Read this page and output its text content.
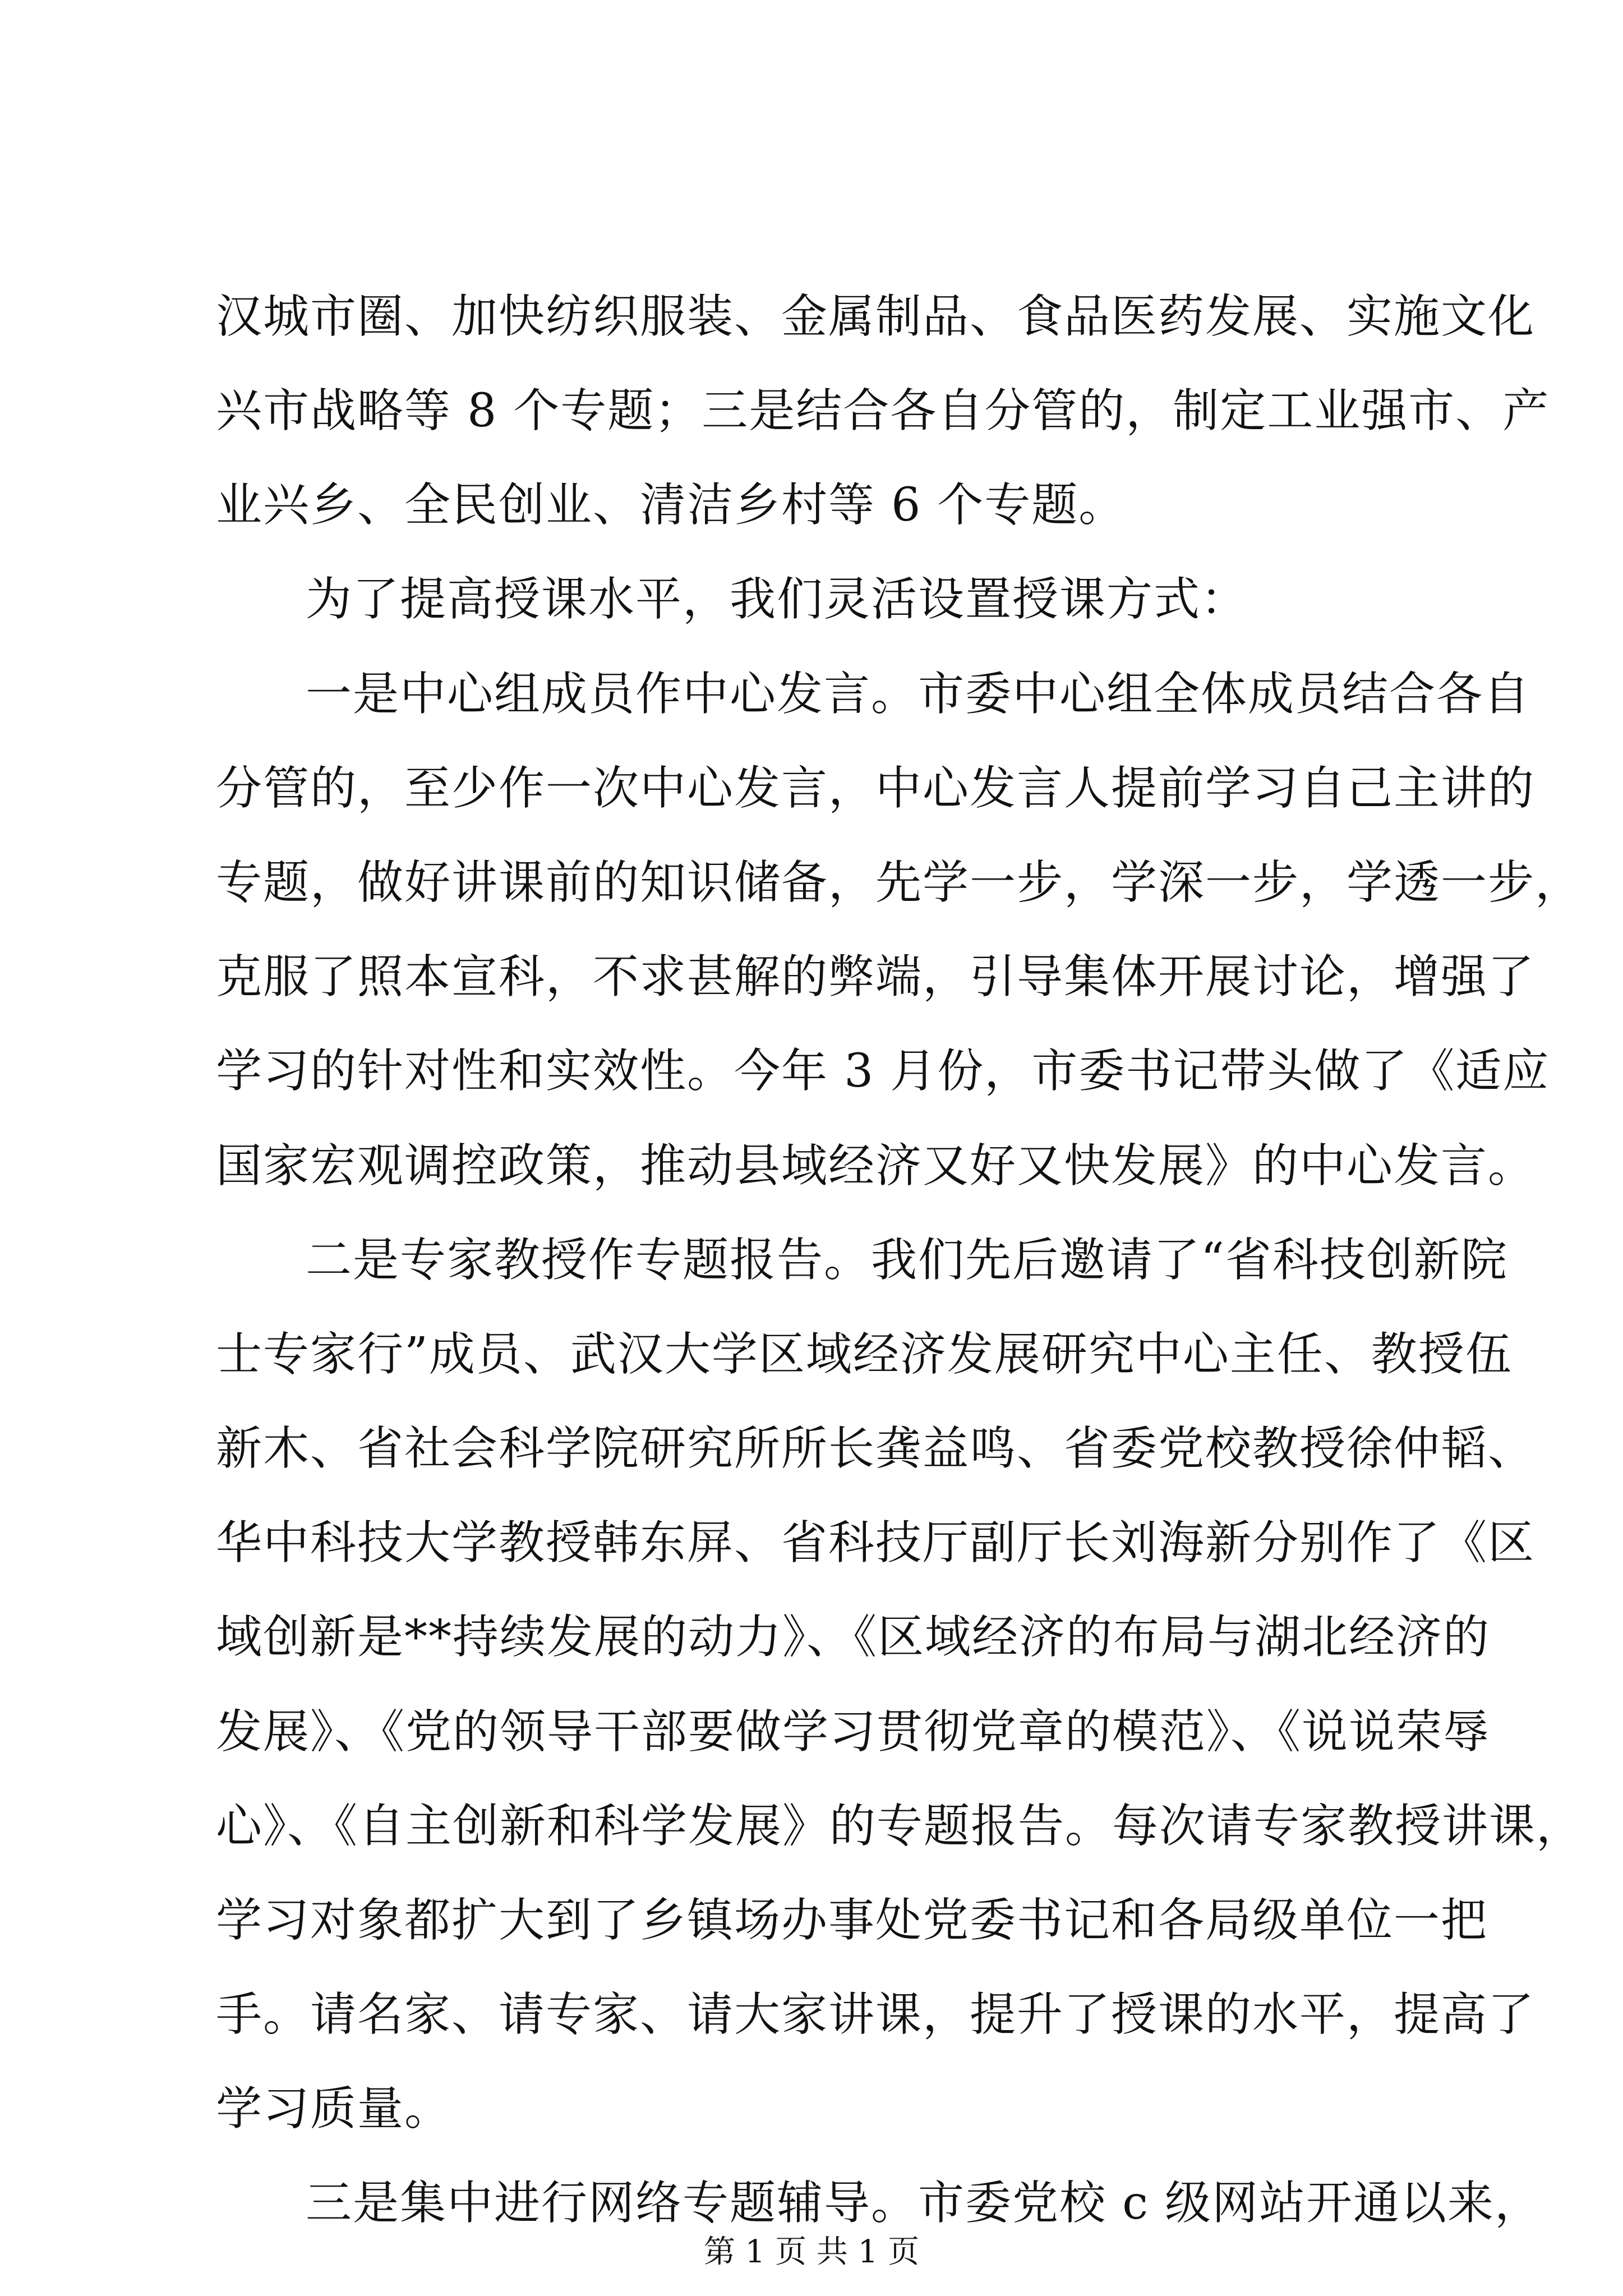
汉城市圈、加快纺织服装、金属制品、食品医药发展、实施文化
兴市战略等 8 个专题；三是结合各自分管的，制定工业强市、产
业兴乡、全民创业、清洁乡村等 6 个专题。
为了提高授课水平，我们灵活设置授课方式：
一是中心组成员作中心发言。市委中心组全体成员结合各自
分管的，至少作一次中心发言，中心发言人提前学习自己主讲的
专题，做好讲课前的知识储备，先学一步，学深一步，学透一步，
克服了照本宣科，不求甚解的弊端，引导集体开展讨论，增强了
学习的针对性和实效性。今年 3 月份，市委书记带头做了《适应
国家宏观调控政策，推动县域经济又好又快发展》的中心发言。
二是专家教授作专题报告。我们先后邀请了“省科技创新院
士专家行”成员、武汉大学区域经济发展研究中心主任、教授伍
新木、省社会科学院研究所所长龚益鸣、省委党校教授徐仲韬、
华中科技大学教授韩东屏、省科技厅副厅长刘海新分别作了《区
域创新是**持续发展的动力》、《区域经济的布局与湖北经济的
发展》、《党的领导干部要做学习贯彻党章的模范》、《说说荣辱
心》、《自主创新和科学发展》的专题报告。每次请专家教授讲课，
学习对象都扩大到了乡镇场办事处党委书记和各局级单位一把
手。请名家、请专家、请大家讲课，提升了授课的水平，提高了
学习质量。
三是集中进行网络专题辅导。市委党校 c 级网站开通以来，
第 1 页 共 1 页
